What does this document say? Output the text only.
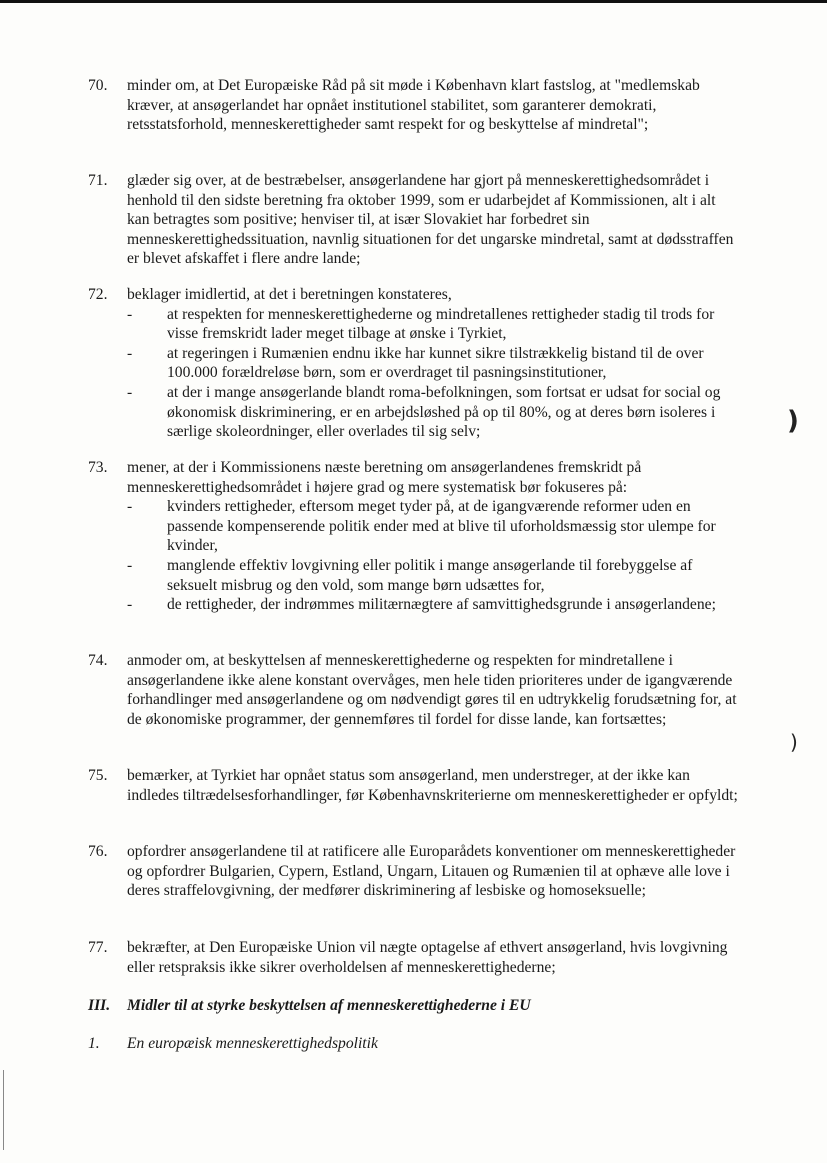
70. minder om, at Det Europæiske Råd på sit møde i København klart fastslog, at "medlemskab kræver, at ansøgerlandet har opnået institutionel stabilitet, som garanterer demokrati, retsstatsforhold, menneskerettigheder samt respekt for og beskyttelse af mindretal";
71. glæder sig over, at de bestræbelser, ansøgerlandene har gjort på menneskerettighedsområdet i henhold til den sidste beretning fra oktober 1999, som er udarbejdet af Kommissionen, alt i alt kan betragtes som positive; henviser til, at især Slovakiet har forbedret sin menneskerettighedssituation, navnlig situationen for det ungarske mindretal, samt at dødsstraffen er blevet afskaffet i flere andre lande;
72. beklager imidlertid, at det i beretningen konstateres,
- at respekten for menneskerettighederne og mindretallenes rettigheder stadig til trods for visse fremskridt lader meget tilbage at ønske i Tyrkiet,
- at regeringen i Rumænien endnu ikke har kunnet sikre tilstrækkelig bistand til de over 100.000 forældreløse børn, som er overdraget til pasningsinstitutioner,
- at der i mange ansøgerlande blandt roma-befolkningen, som fortsat er udsat for social og økonomisk diskriminering, er en arbejdsløshed på op til 80%, og at deres børn isoleres i særlige skoleordninger, eller overlades til sig selv;
73. mener, at der i Kommissionens næste beretning om ansøgerlandenes fremskridt på menneskerettighedsområdet i højere grad og mere systematisk bør fokuseres på:
- kvinders rettigheder, eftersom meget tyder på, at de igangværende reformer uden en passende kompenserende politik ender med at blive til uforholdsmæssig stor ulempe for kvinder,
- manglende effektiv lovgivning eller politik i mange ansøgerlande til forebyggelse af seksuelt misbrug og den vold, som mange børn udsættes for,
- de rettigheder, der indrømmes militærnægtere af samvittighedsgrunde i ansøgerlandene;
74. anmoder om, at beskyttelsen af menneskerettighederne og respekten for mindretallene i ansøgerlandene ikke alene konstant overvåges, men hele tiden prioriteres under de igangværende forhandlinger med ansøgerlandene og om nødvendigt gøres til en udtrykkelig forudsætning for, at de økonomiske programmer, der gennemføres til fordel for disse lande, kan fortsættes;
75. bemærker, at Tyrkiet har opnået status som ansøgerland, men understreger, at der ikke kan indledes tiltrædelsesforhandlinger, før Københavnskriterierne om menneskerettigheder er opfyldt;
76. opfordrer ansøgerlandene til at ratificere alle Europarådets konventioner om menneskerettigheder og opfordrer Bulgarien, Cypern, Estland, Ungarn, Litauen og Rumænien til at ophæve alle love i deres straffelovgivning, der medfører diskriminering af lesbiske og homoseksuelle;
77. bekræfter, at Den Europæiske Union vil nægte optagelse af ethvert ansøgerland, hvis lovgivning eller retspraksis ikke sikrer overholdelsen af menneskerettighederne;
III. Midler til at styrke beskyttelsen af menneskerettighederne i EU
1. En europæisk menneskerettighedspolitik
)
)
